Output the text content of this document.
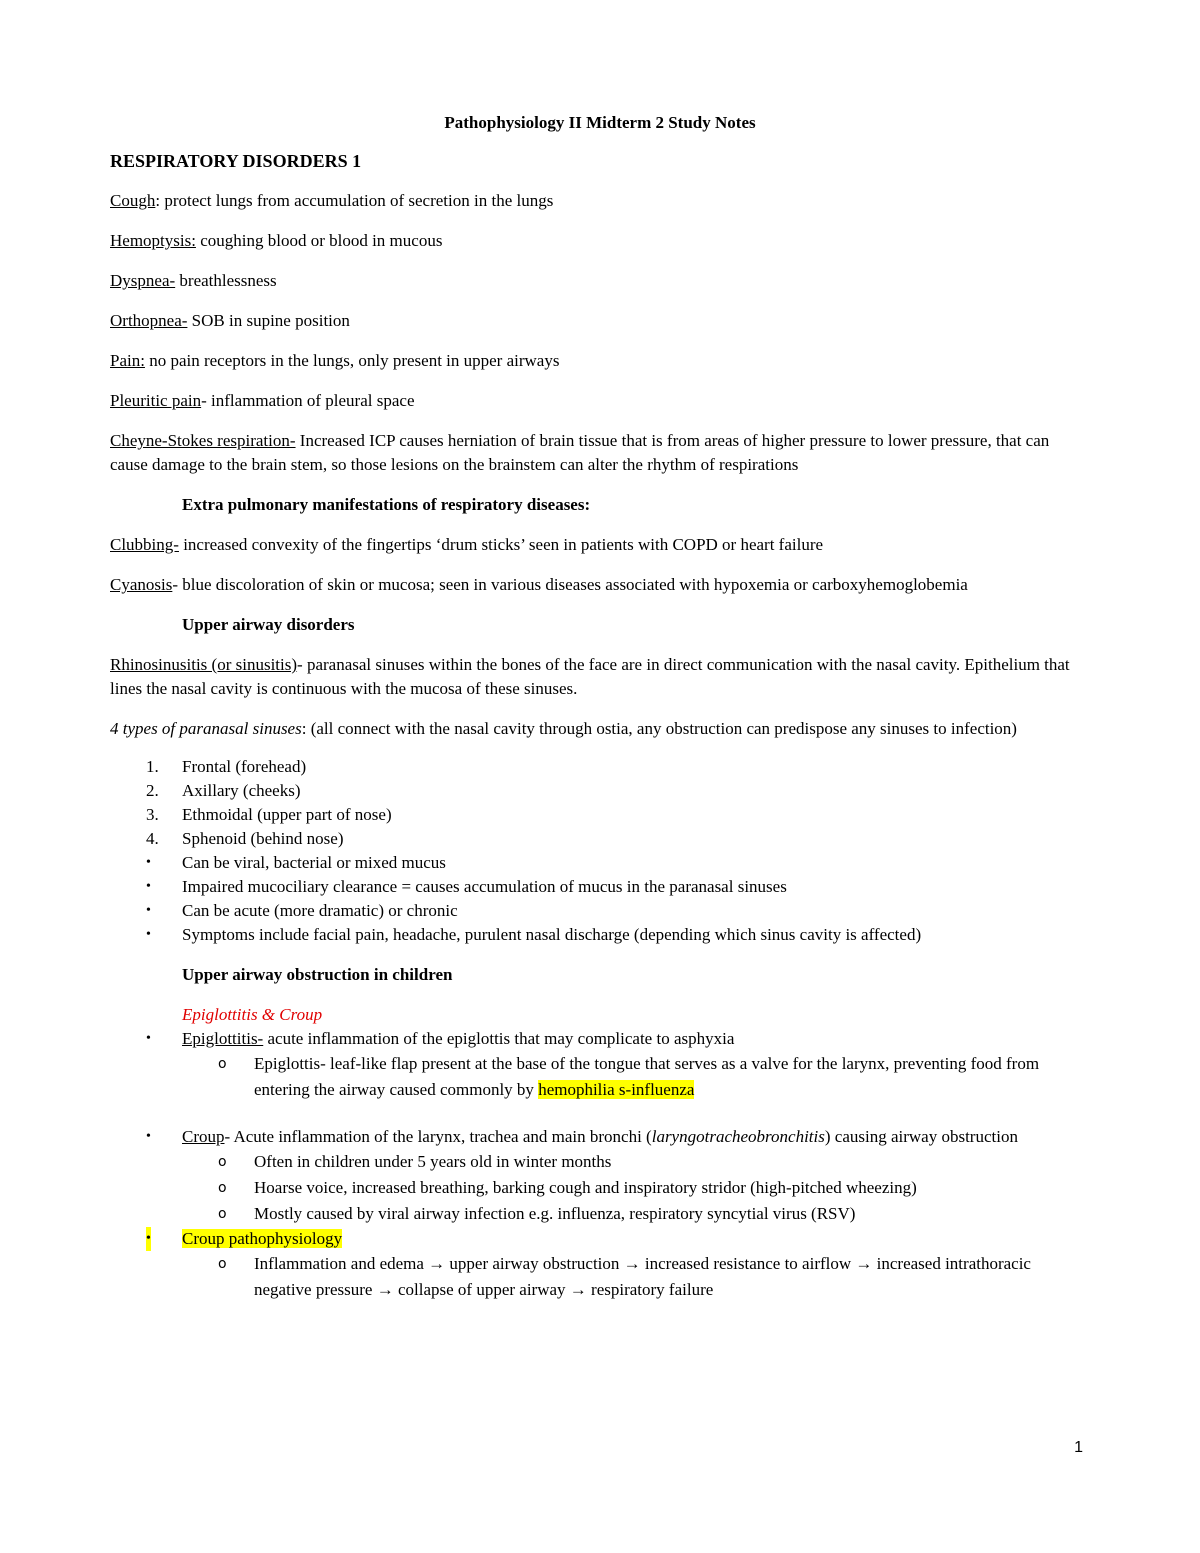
Pathophysiology II Midterm 2 Study Notes

RESPIRATORY DISORDERS 1

Cough: protect lungs from accumulation of secretion in the lungs

Hemoptysis: coughing blood or blood in mucous

Dyspnea- breathlessness

Orthopnea- SOB in supine position

Pain: no pain receptors in the lungs, only present in upper airways

Pleuritic pain- inflammation of pleural space

Cheyne-Stokes respiration- Increased ICP causes herniation of brain tissue that is from areas of higher pressure to lower pressure, that can cause damage to the brain stem, so those lesions on the brainstem can alter the rhythm of respirations

Extra pulmonary manifestations of respiratory diseases:

Clubbing- increased convexity of the fingertips ‘drum sticks’ seen in patients with COPD or heart failure

Cyanosis- blue discoloration of skin or mucosa; seen in various diseases associated with hypoxemia or carboxyhemoglobemia

Upper airway disorders

Rhinosinusitis (or sinusitis)- paranasal sinuses within the bones of the face are in direct communication with the nasal cavity. Epithelium that lines the nasal cavity is continuous with the mucosa of these sinuses.

4 types of paranasal sinuses: (all connect with the nasal cavity through ostia, any obstruction can predispose any sinuses to infection)

1. Frontal (forehead)
2. Axillary (cheeks)
3. Ethmoidal (upper part of nose)
4. Sphenoid (behind nose)
• Can be viral, bacterial or mixed mucus
• Impaired mucociliary clearance = causes accumulation of mucus in the paranasal sinuses
• Can be acute (more dramatic) or chronic
• Symptoms include facial pain, headache, purulent nasal discharge (depending which sinus cavity is affected)

Upper airway obstruction in children

Epiglottitis & Croup

• Epiglottitis- acute inflammation of the epiglottis that may complicate to asphyxia
o Epiglottis- leaf-like flap present at the base of the tongue that serves as a valve for the larynx, preventing food from entering the airway caused commonly by hemophilia s-influenza
• Croup- Acute inflammation of the larynx, trachea and main bronchi (laryngotracheobronchitis) causing airway obstruction
o Often in children under 5 years old in winter months
o Hoarse voice, increased breathing, barking cough and inspiratory stridor (high-pitched wheezing)
o Mostly caused by viral airway infection e.g. influenza, respiratory syncytial virus (RSV)
• Croup pathophysiology
o Inflammation and edema → upper airway obstruction → increased resistance to airflow → increased intrathoracic negative pressure → collapse of upper airway → respiratory failure
1
